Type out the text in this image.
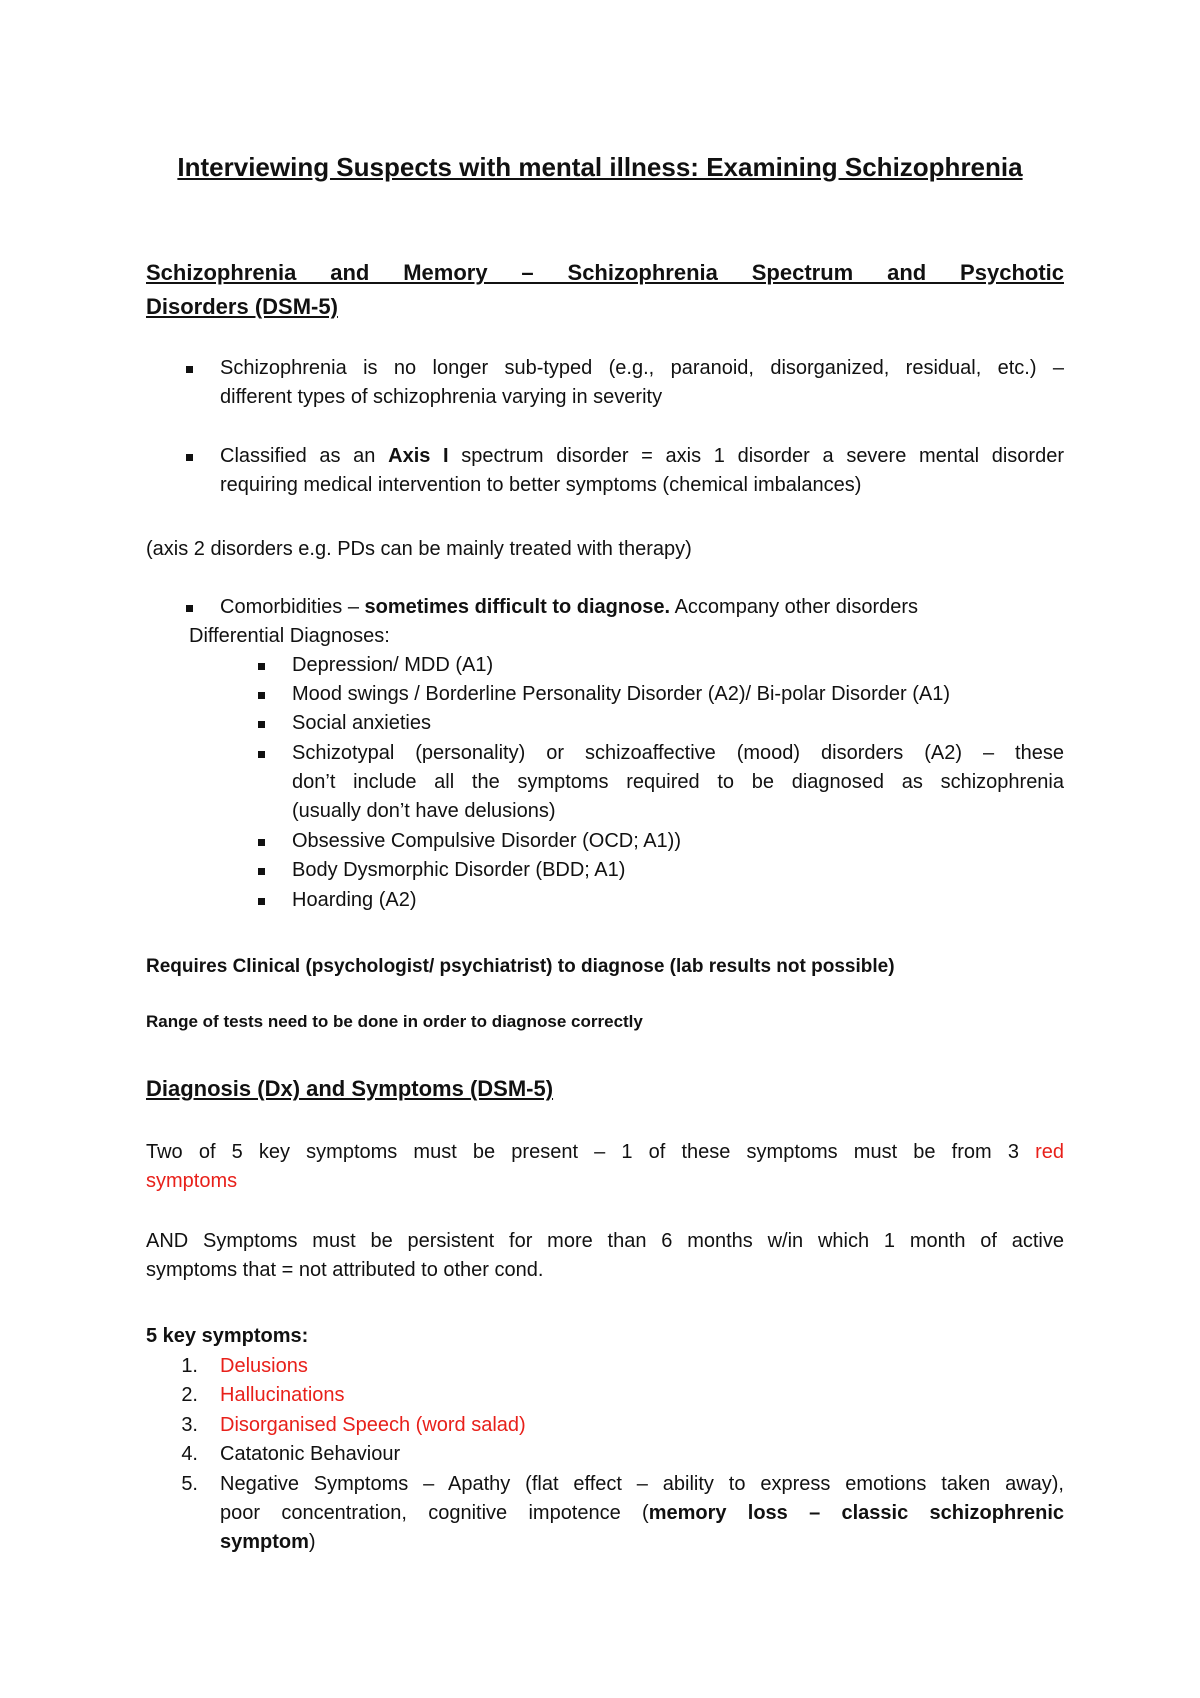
Interviewing Suspects with mental illness: Examining Schizophrenia
Schizophrenia and Memory – Schizophrenia Spectrum and Psychotic
Disorders (DSM-5)
Schizophrenia is no longer sub-typed (e.g., paranoid, disorganized, residual, etc.) –
different types of schizophrenia varying in severity
Classified as an Axis I spectrum disorder = axis 1 disorder a severe mental disorder
requiring medical intervention to better symptoms (chemical imbalances)
(axis 2 disorders e.g. PDs can be mainly treated with therapy)
Comorbidities – sometimes difficult to diagnose. Accompany other disorders
Differential Diagnoses:
Depression/ MDD (A1)
Mood swings / Borderline Personality Disorder (A2)/ Bi-polar Disorder (A1)
Social anxieties
Schizotypal (personality) or schizoaffective (mood) disorders (A2) – these
don’t include all the symptoms required to be diagnosed as schizophrenia
(usually don’t have delusions)
Obsessive Compulsive Disorder (OCD; A1))
Body Dysmorphic Disorder (BDD; A1)
Hoarding (A2)
Requires Clinical (psychologist/ psychiatrist) to diagnose (lab results not possible)
Range of tests need to be done in order to diagnose correctly
Diagnosis (Dx) and Symptoms (DSM-5)
Two of 5 key symptoms must be present – 1 of these symptoms must be from 3 red
symptoms
AND Symptoms must be persistent for more than 6 months w/in which 1 month of active
symptoms that = not attributed to other cond.
5 key symptoms:
1. Delusions
2. Hallucinations
3. Disorganised Speech (word salad)
4. Catatonic Behaviour
5. Negative Symptoms – Apathy (flat effect – ability to express emotions taken away),
poor concentration, cognitive impotence (memory loss – classic schizophrenic
symptom)
